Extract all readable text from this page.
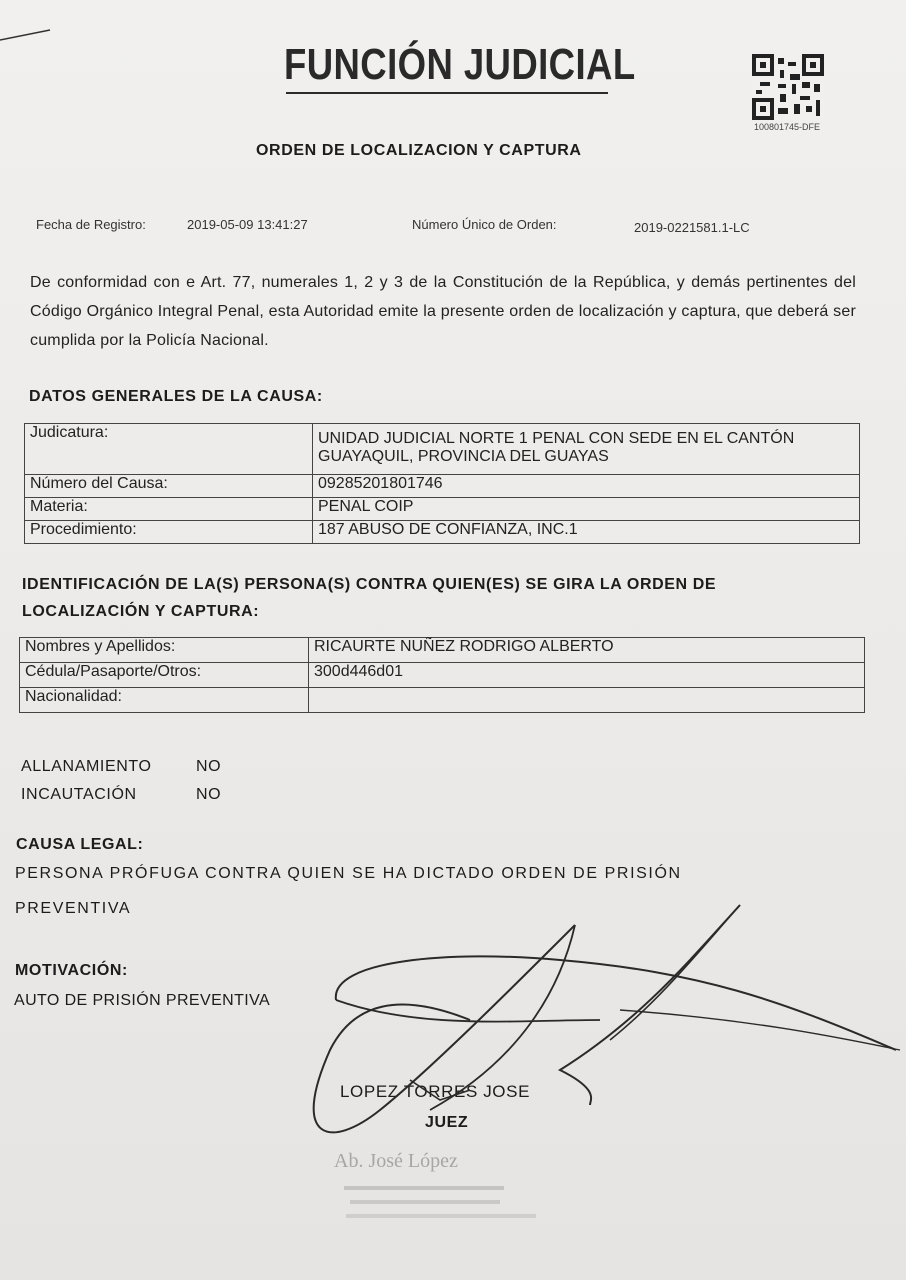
FUNCIÓN JUDICIAL
100801745-DFE
ORDEN DE LOCALIZACION Y CAPTURA
Fecha de Registro:	2019-05-09 13:41:27	Número Único de Orden:	2019-0221581.1-LC
De conformidad con e Art. 77, numerales 1, 2 y 3 de la Constitución de la República, y demás pertinentes del Código Orgánico Integral Penal, esta Autoridad emite la presente orden de localización y captura, que deberá ser cumplida por la Policía Nacional.
DATOS GENERALES DE LA CAUSA:
Judicatura:	UNIDAD JUDICIAL NORTE 1 PENAL CON SEDE EN EL CANTÓN GUAYAQUIL, PROVINCIA DEL GUAYAS
Número del Causa:	09285201801746
Materia:	PENAL COIP
Procedimiento:	187 ABUSO DE CONFIANZA, INC.1
IDENTIFICACIÓN DE LA(S) PERSONA(S) CONTRA QUIEN(ES) SE GIRA LA ORDEN DE
LOCALIZACIÓN Y CAPTURA:
Nombres y Apellidos:	RICAURTE NUÑEZ RODRIGO ALBERTO
Cédula/Pasaporte/Otros:	300d446d01
Nacionalidad:	
ALLANAMIENTO	NO
INCAUTACIÓN	NO
CAUSA LEGAL:
PERSONA PRÓFUGA CONTRA QUIEN SE HA DICTADO ORDEN DE PRISIÓN
PREVENTIVA
MOTIVACIÓN:
AUTO DE PRISIÓN PREVENTIVA
LOPEZ TORRES JOSE
JUEZ
Ab. José López
